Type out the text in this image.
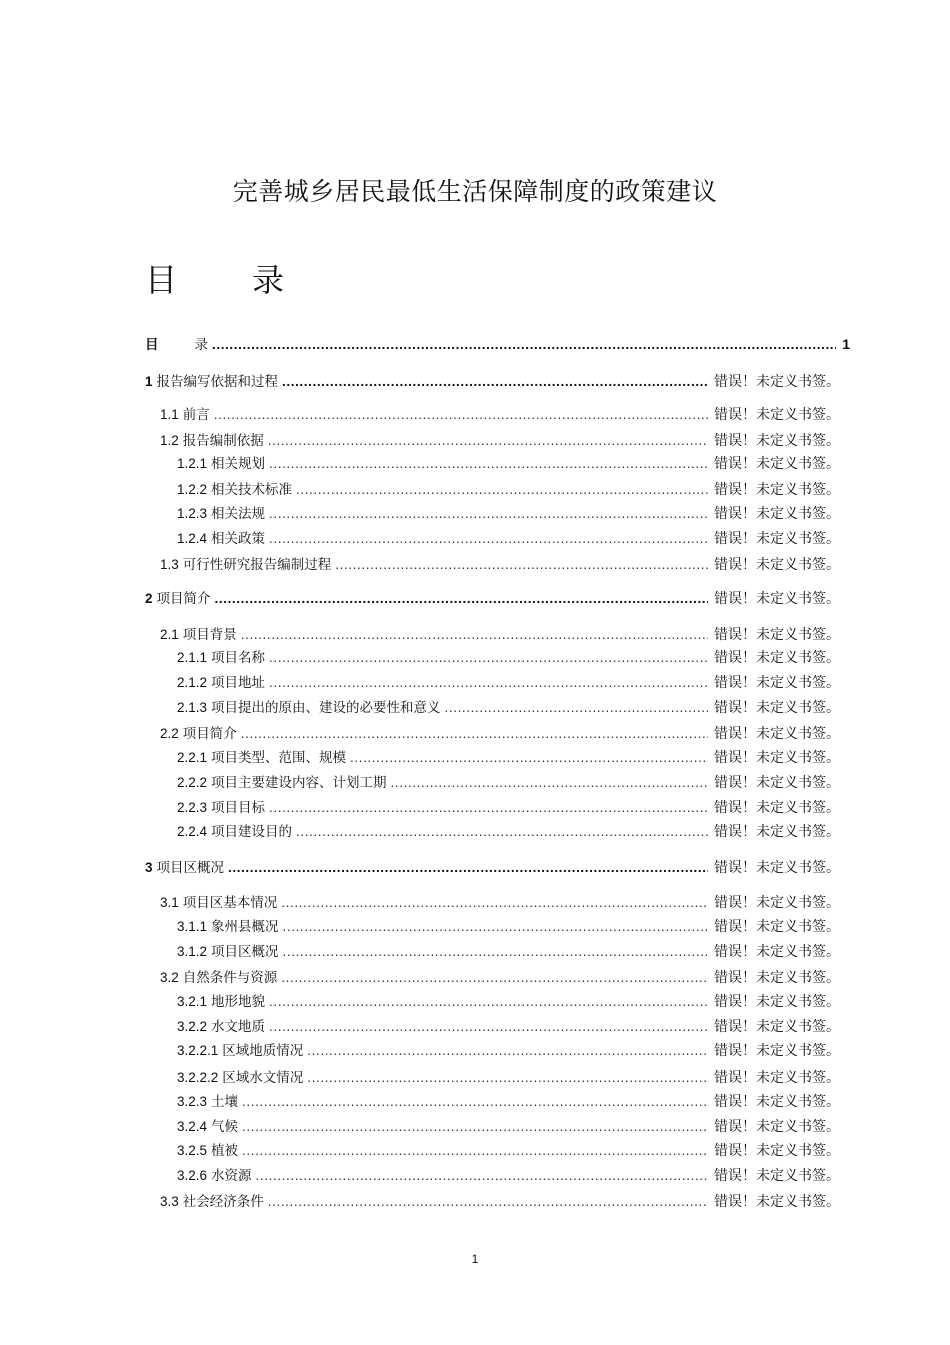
完善城乡居民最低生活保障制度的政策建议
目 录
目	录 .....	1
1 报告编写依据和过程 .....	错误！未定义书签。
1.1 前言 .....	错误！未定义书签。
1.2 报告编制依据 .....	错误！未定义书签。
1.2.1 相关规划 .....	错误！未定义书签。
1.2.2 相关技术标准 .....	错误！未定义书签。
1.2.3 相关法规 .....	错误！未定义书签。
1.2.4 相关政策 .....	错误！未定义书签。
1.3 可行性研究报告编制过程 .....	错误！未定义书签。
2 项目简介 .....	错误！未定义书签。
2.1 项目背景 .....	错误！未定义书签。
2.1.1 项目名称 .....	错误！未定义书签。
2.1.2 项目地址 .....	错误！未定义书签。
2.1.3 项目提出的原由、建设的必要性和意义 .....	错误！未定义书签。
2.2 项目简介 .....	错误！未定义书签。
2.2.1 项目类型、范围、规模 .....	错误！未定义书签。
2.2.2 项目主要建设内容、计划工期 .....	错误！未定义书签。
2.2.3 项目目标 .....	错误！未定义书签。
2.2.4 项目建设目的 .....	错误！未定义书签。
3 项目区概况 .....	错误！未定义书签。
3.1 项目区基本情况 .....	错误！未定义书签。
3.1.1 象州县概况 .....	错误！未定义书签。
3.1.2 项目区概况 .....	错误！未定义书签。
3.2 自然条件与资源 .....	错误！未定义书签。
3.2.1 地形地貌 .....	错误！未定义书签。
3.2.2 水文地质 .....	错误！未定义书签。
3.2.2.1 区域地质情况 .....	错误！未定义书签。
3.2.2.2 区域水文情况 .....	错误！未定义书签。
3.2.3 土壤 .....	错误！未定义书签。
3.2.4 气候 .....	错误！未定义书签。
3.2.5 植被 .....	错误！未定义书签。
3.2.6 水资源 .....	错误！未定义书签。
3.3 社会经济条件 .....	错误！未定义书签。
1
